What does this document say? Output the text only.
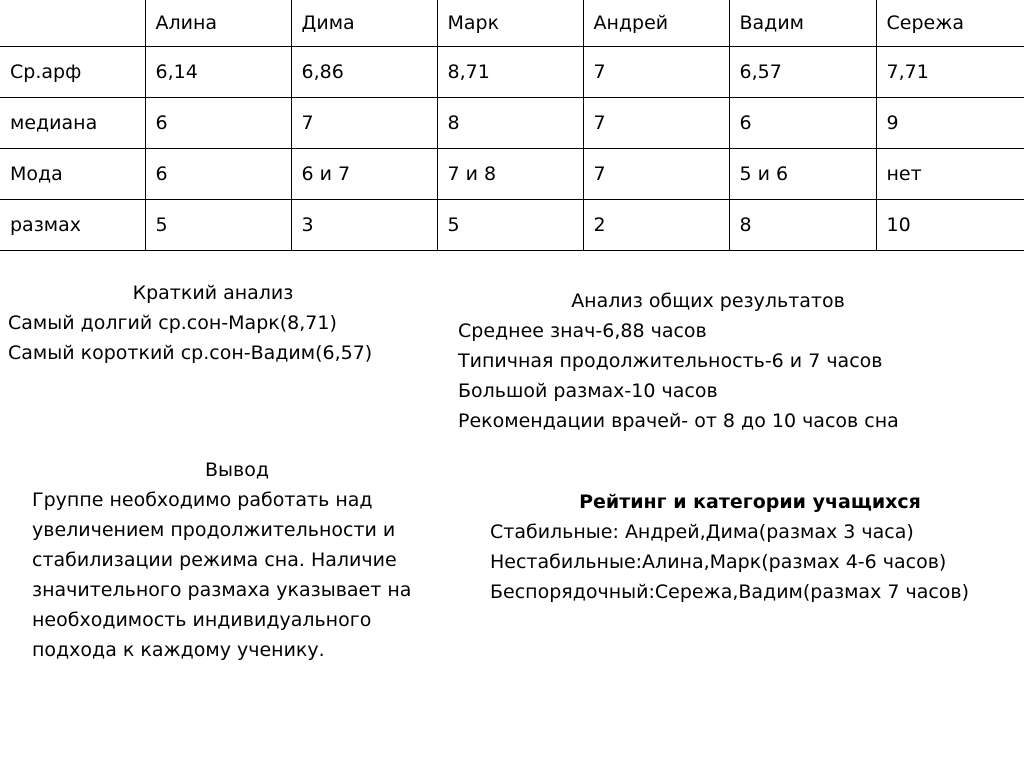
	Алина	Дима	Марк	Андрей	Вадим	Сережа
Ср.арф	6,14	6,86	8,71	7	6,57	7,71
медиана	6	7	8	7	6	9
Мода	6	6 и 7	7 и 8	7	5 и 6	нет
размах	5	3	5	2	8	10
Краткий анализ
Самый долгий ср.сон-Марк(8,71)
Самый короткий ср.сон-Вадим(6,57)
Анализ общих результатов
Среднее знач-6,88 часов
Типичная продолжительность-6 и 7 часов
Большой размах-10 часов
Рекомендации врачей- от 8 до 10 часов сна
Вывод
Группе необходимо работать над
увеличением продолжительности и
стабилизации режима сна. Наличие
значительного размаха указывает на
необходимость индивидуального
подхода к каждому ученику.
Рейтинг и категории учащихся
Стабильные: Андрей,Дима(размах 3 часа)
Нестабильные:Алина,Марк(размах 4-6 часов)
Беспорядочный:Сережа,Вадим(размах 7 часов)
